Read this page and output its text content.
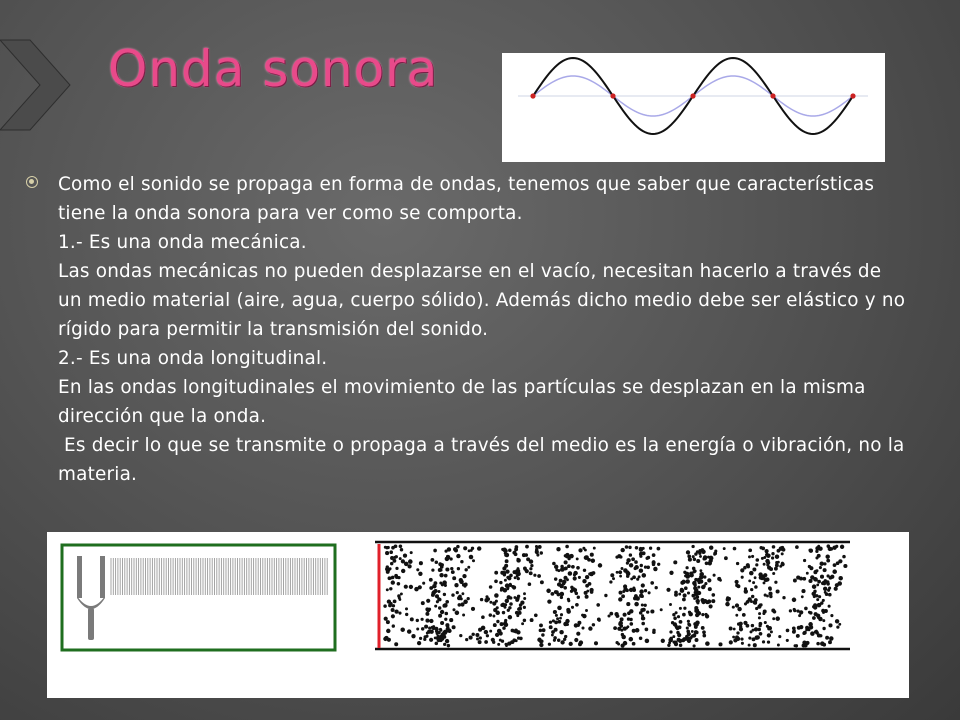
Onda sonora

Como el sonido se propaga en forma de ondas, tenemos que saber que características tiene la onda sonora para ver como se comporta.

1.- Es una onda mecánica.

Las ondas mecánicas no pueden desplazarse en el vacío, necesitan hacerlo a través de

un medio material (aire, agua, cuerpo sólido). Además dicho medio debe ser elástico y no rígido para permitir la transmisión del sonido.

2.- Es una onda longitudinal.

En las ondas longitudinales el movimiento de las partículas se desplazan en la misma dirección que la onda.

Es decir lo que se transmite o propaga a través del medio es la energía o vibración, no la materia.
